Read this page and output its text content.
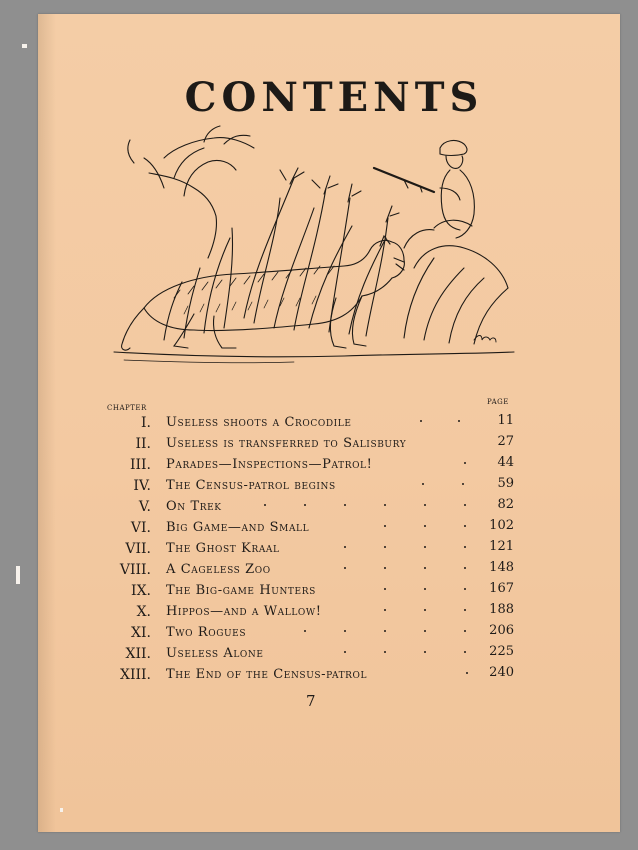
CONTENTS
CHAPTER
PAGE
I. Useless shoots a Crocodile	11
II. Useless is transferred to Salisbury	27
III. Parades—Inspections—Patrol!	44
IV. The Census-patrol begins	59
V. On Trek	82
VI. Big Game—and Small	102
VII. The Ghost Kraal	121
VIII. A Cageless Zoo	148
IX. The Big-game Hunters	167
X. Hippos—and a Wallow!	188
XI. Two Rogues	206
XII. Useless Alone	225
XIII. The End of the Census-patrol	240
7
